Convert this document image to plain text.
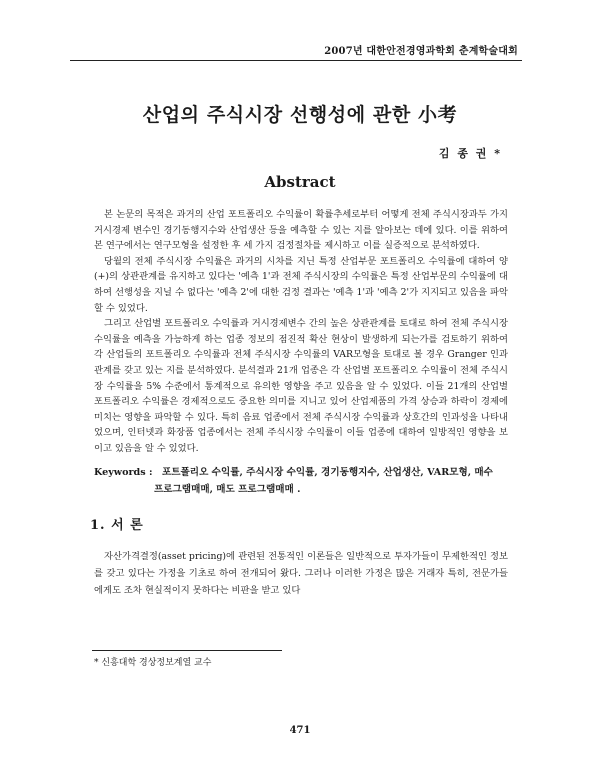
2007년 대한안전경영과학회 춘계학술대회
산업의 주식시장 선행성에 관한 小考
김 종 권 *
Abstract

본 논문의 목적은 과거의 산업 포트폴리오 수익률이 확률추세로부터 어떻게 전체 주식시장과두 가지 거시경제 변수인 경기동행지수와 산업생산 등을 예측할 수 있는 지를 알아보는 데에 있다. 이를 위하여 본 연구에서는 연구모형을 설정한 후 세 가지 검정절차를 제시하고 이를 실증적으로 분석하였다.

당월의 전체 주식시장 수익률은 과거의 시차를 지닌 특정 산업부문 포트폴리오 수익률에 대하여 양(+)의 상관관계를 유지하고 있다는 '예측 1'과 전체 주식시장의 수익률은 특정 산업부문의 수익률에 대하여 선행성을 지닐 수 없다는 '예측 2'에 대한 검정 결과는 '예측 1'과 '예측 2'가 지지되고 있음을 파악할 수 있었다.

그리고 산업별 포트폴리오 수익률과 거시경제변수 간의 높은 상관관계를 토대로 하여 전체 주식시장 수익률을 예측을 가능하게 하는 업종 정보의 점진적 확산 현상이 발생하게 되는가를 검토하기 위하여 각 산업들의 포트폴리오 수익률과 전체 주식시장 수익률의 VAR모형을 토대로 볼 경우 Granger 인과관계를 갖고 있는 지를 분석하였다. 분석결과 21개 업종은 각 산업별 포트폴리오 수익률이 전체 주식시장 수익률을 5% 수준에서 통계적으로 유의한 영향을 주고 있음을 알 수 있었다. 이들 21개의 산업별 포트폴리오 수익률은 경제적으로도 중요한 의미를 지니고 있어 산업제품의 가격 상승과 하락이 경제에 미치는 영향을 파악할 수 있다. 특히 음료 업종에서 전체 주식시장 수익률과 상호간의 인과성을 나타내었으며, 인터넷과 화장품 업종에서는 전체 주식시장 수익률이 이들 업종에 대하여 일방적인 영향을 보이고 있음을 알 수 있었다.

Keywords : 포트폴리오 수익률, 주식시장 수익률, 경기동행지수, 산업생산, VAR모형, 매수
프로그램매매, 매도 프로그램매매 .
1. 서 론

자산가격결정(asset pricing)에 관련된 전통적인 이론들은 일반적으로 투자가들이 무제한적인 정보를 갖고 있다는 가정을 기초로 하여 전개되어 왔다. 그러나 이러한 가정은 많은 거래자 특히, 전문가들에게도 조차 현실적이지 못하다는 비판을 받고 있다

* 신흥대학 경상정보계열 교수
471
